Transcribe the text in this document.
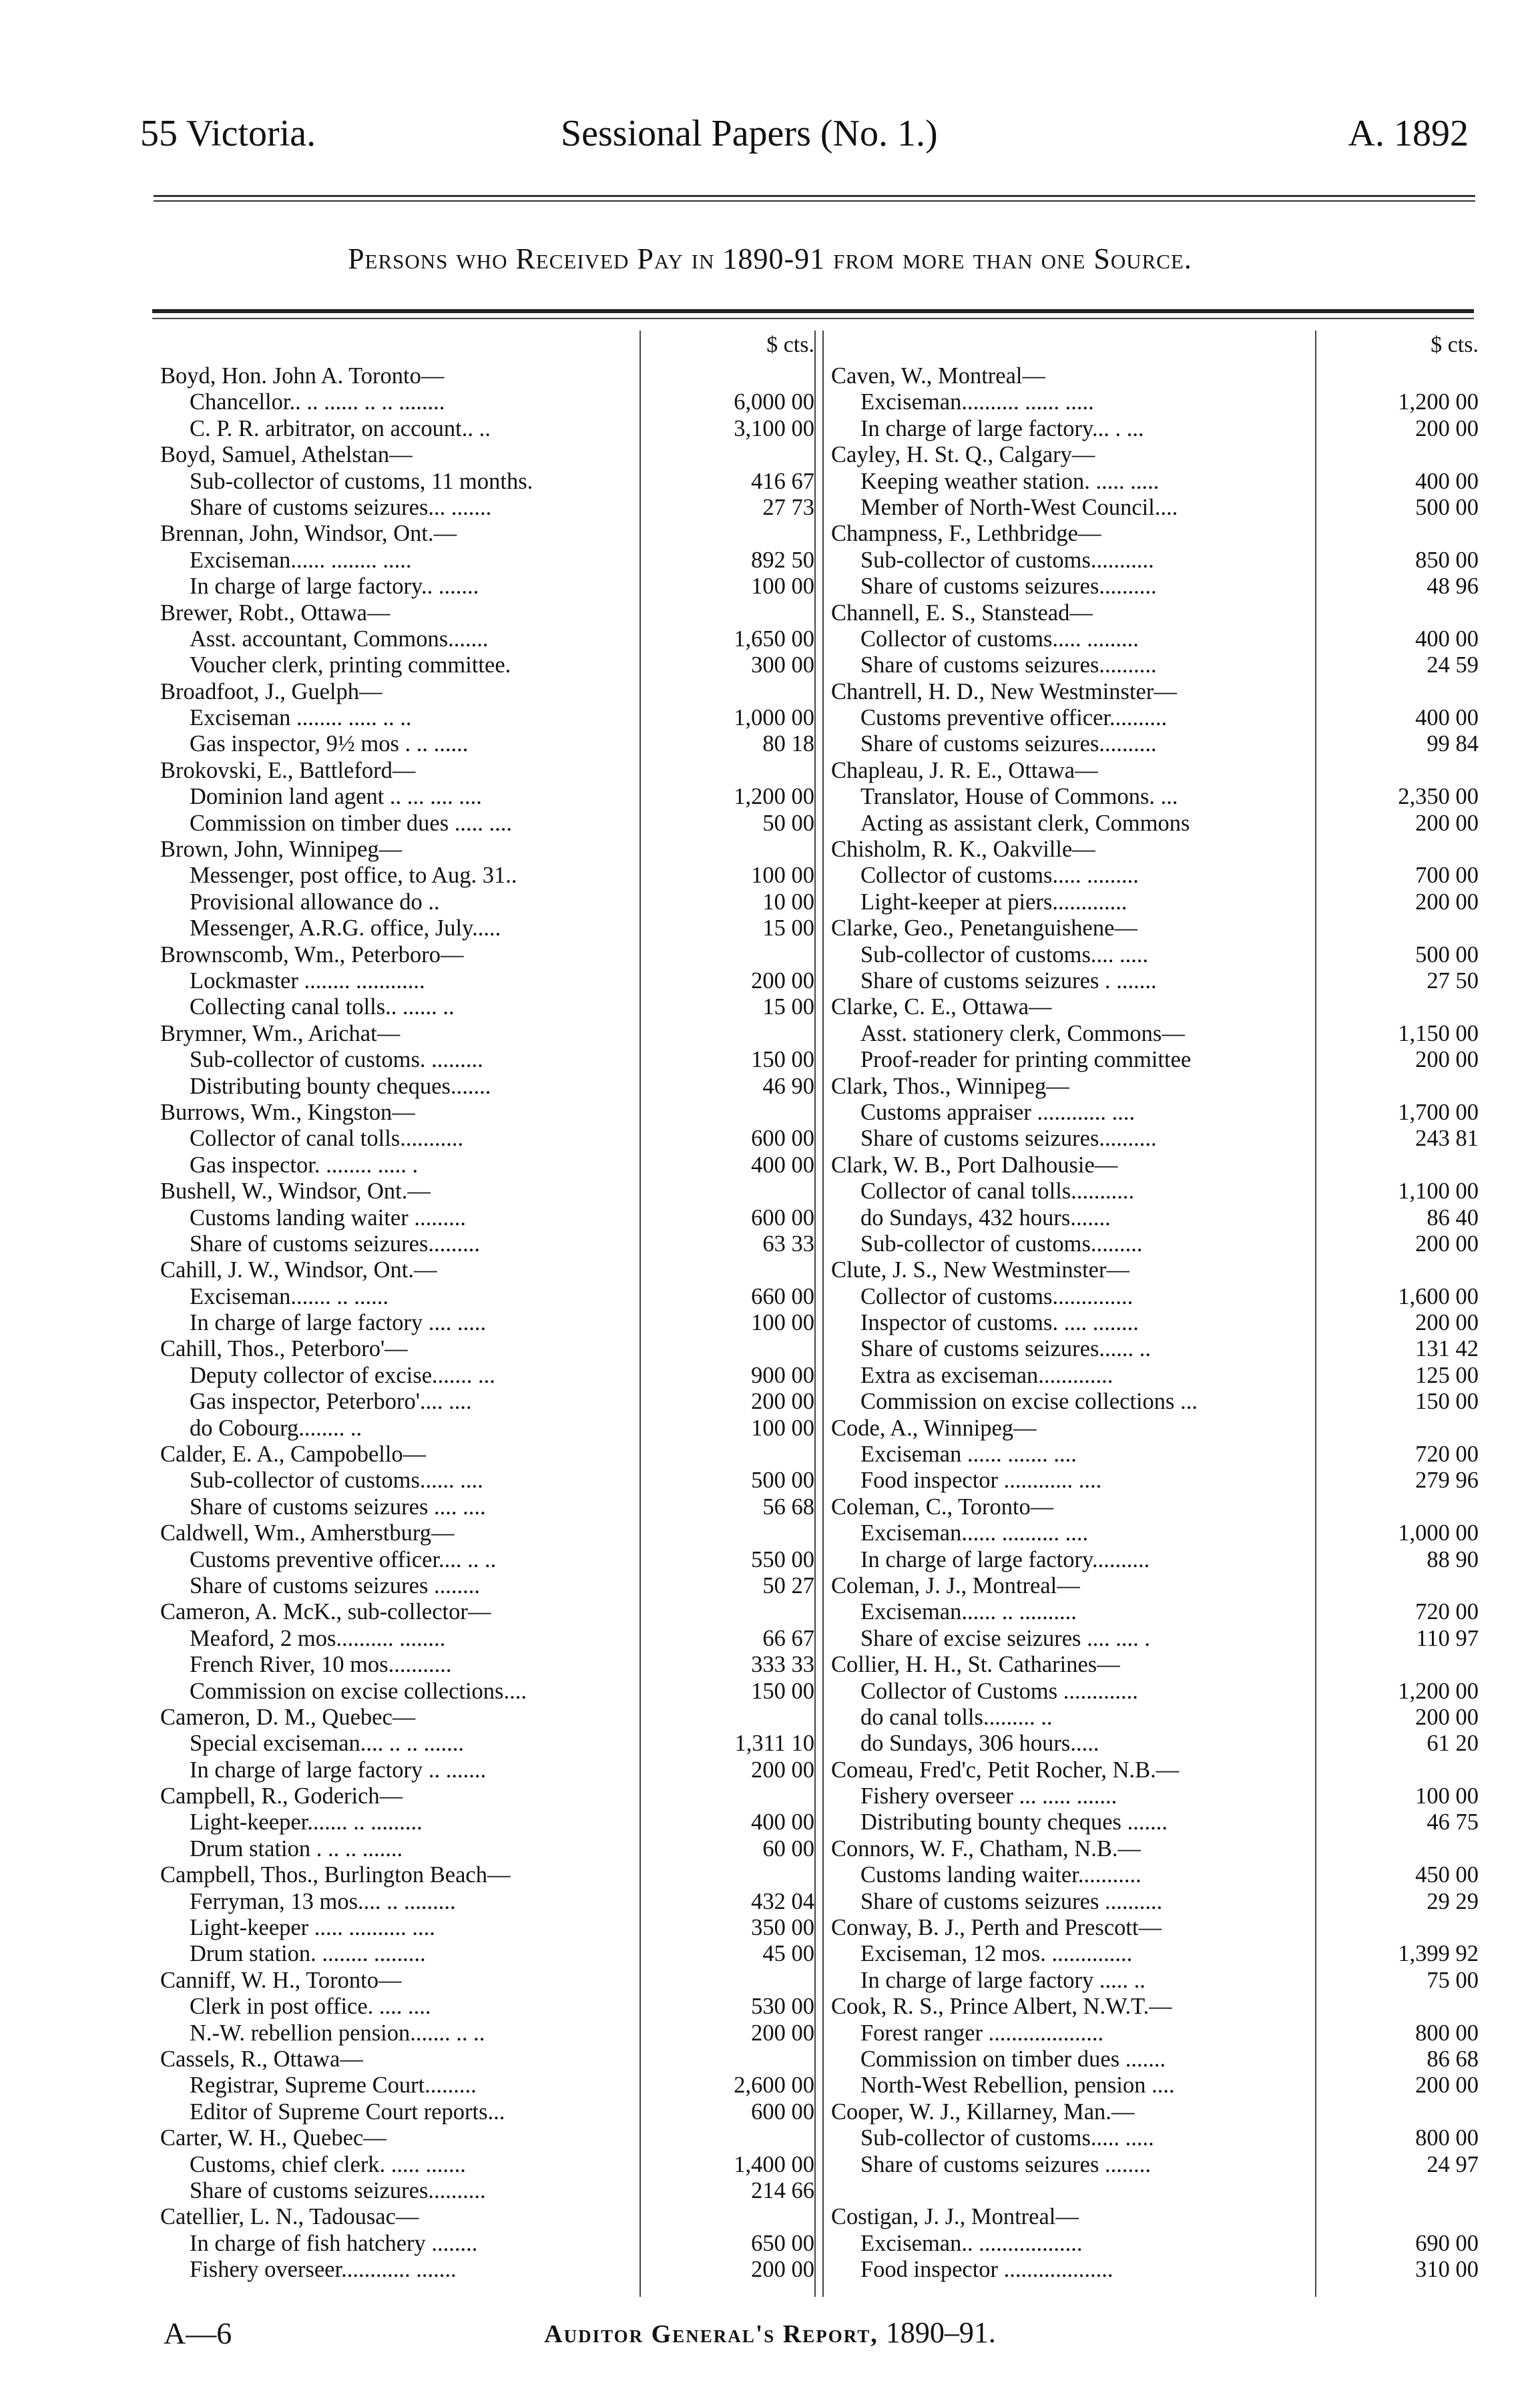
55 Victoria.	Sessional Papers (No. 1.)	A. 1892
Persons who Received Pay in 1890-91 from more than one Source.
$ cts.
Boyd, Hon. John A. Toronto—
Chancellor.. .. ...... .. .. ........	6,000 00
C. P. R. arbitrator, on account.. ..	3,100 00
Boyd, Samuel, Athelstan—
Sub-collector of customs, 11 months.	416 67
Share of customs seizures... .......	27 73
Brennan, John, Windsor, Ont.—
Exciseman...... ........ .....	892 50
In charge of large factory.. .......	100 00
Brewer, Robt., Ottawa—
Asst. accountant, Commons.......	1,650 00
Voucher clerk, printing committee.	300 00
Broadfoot, J., Guelph—
Exciseman ........ ..... .. ..	1,000 00
Gas inspector, 9½ mos . .. ......	80 18
Brokovski, E., Battleford—
Dominion land agent .. ... .... ....	1,200 00
Commission on timber dues ..... ....	50 00
Brown, John, Winnipeg—
Messenger, post office, to Aug. 31..	100 00
Provisional allowance do ..	10 00
Messenger, A.R.G. office, July.....	15 00
Brownscomb, Wm., Peterboro—
Lockmaster ........ ............	200 00
Collecting canal tolls.. ...... ..	15 00
Brymner, Wm., Arichat—
Sub-collector of customs. .........	150 00
Distributing bounty cheques.......	46 90
Burrows, Wm., Kingston—
Collector of canal tolls...........	600 00
Gas inspector. ........ ..... .	400 00
Bushell, W., Windsor, Ont.—
Customs landing waiter .........	600 00
Share of customs seizures.........	63 33
Cahill, J. W., Windsor, Ont.—
Exciseman....... .. ......	660 00
In charge of large factory .... .....	100 00
Cahill, Thos., Peterboro'—
Deputy collector of excise....... ...	900 00
Gas inspector, Peterboro'.... ....	200 00
do Cobourg........ ..	100 00
Calder, E. A., Campobello—
Sub-collector of customs...... ....	500 00
Share of customs seizures .... ....	56 68
Caldwell, Wm., Amherstburg—
Customs preventive officer.... .. ..	550 00
Share of customs seizures ........	50 27
Cameron, A. McK., sub-collector—
Meaford, 2 mos.......... ........	66 67
French River, 10 mos...........	333 33
Commission on excise collections....	150 00
Cameron, D. M., Quebec—
Special exciseman.... .. .. .......	1,311 10
In charge of large factory .. .......	200 00
Campbell, R., Goderich—
Light-keeper....... .. .........	400 00
Drum station . .. .. .......	60 00
Campbell, Thos., Burlington Beach—
Ferryman, 13 mos.... .. .........	432 04
Light-keeper ..... .......... ....	350 00
Drum station. ........ .........	45 00
Canniff, W. H., Toronto—
Clerk in post office. .... ....	530 00
N.-W. rebellion pension....... .. ..	200 00
Cassels, R., Ottawa—
Registrar, Supreme Court.........	2,600 00
Editor of Supreme Court reports...	600 00
Carter, W. H., Quebec—
Customs, chief clerk. ..... .......	1,400 00
Share of customs seizures..........	214 66
Catellier, L. N., Tadousac—
In charge of fish hatchery ........	650 00
Fishery overseer............ .......	200 00
$ cts.
Caven, W., Montreal—
Exciseman.......... ...... .....	1,200 00
In charge of large factory... . ...	200 00
Cayley, H. St. Q., Calgary—
Keeping weather station. ..... .....	400 00
Member of North-West Council....	500 00
Champness, F., Lethbridge—
Sub-collector of customs...........	850 00
Share of customs seizures..........	48 96
Channell, E. S., Stanstead—
Collector of customs..... .........	400 00
Share of customs seizures..........	24 59
Chantrell, H. D., New Westminster—
Customs preventive officer..........	400 00
Share of customs seizures..........	99 84
Chapleau, J. R. E., Ottawa—
Translator, House of Commons. ...	2,350 00
Acting as assistant clerk, Commons	200 00
Chisholm, R. K., Oakville—
Collector of customs..... .........	700 00
Light-keeper at piers.............	200 00
Clarke, Geo., Penetanguishene—
Sub-collector of customs.... .....	500 00
Share of customs seizures . .......	27 50
Clarke, C. E., Ottawa—
Asst. stationery clerk, Commons—	1,150 00
Proof-reader for printing committee	200 00
Clark, Thos., Winnipeg—
Customs appraiser ............ ....	1,700 00
Share of customs seizures..........	243 81
Clark, W. B., Port Dalhousie—
Collector of canal tolls...........	1,100 00
do Sundays, 432 hours.......	86 40
Sub-collector of customs.........	200 00
Clute, J. S., New Westminster—
Collector of customs..............	1,600 00
Inspector of customs. .... ........	200 00
Share of customs seizures...... ..	131 42
Extra as exciseman.............	125 00
Commission on excise collections ...	150 00
Code, A., Winnipeg—
Exciseman ...... ....... ....	720 00
Food inspector ............ ....	279 96
Coleman, C., Toronto—
Exciseman...... .......... ....	1,000 00
In charge of large factory..........	88 90
Coleman, J. J., Montreal—
Exciseman...... .. ..........	720 00
Share of excise seizures .... .... .	110 97
Collier, H. H., St. Catharines—
Collector of Customs .............	1,200 00
do canal tolls......... ..	200 00
do Sundays, 306 hours.....	61 20
Comeau, Fred'c, Petit Rocher, N.B.—
Fishery overseer ... ..... .......	100 00
Distributing bounty cheques .......	46 75
Connors, W. F., Chatham, N.B.—
Customs landing waiter...........	450 00
Share of customs seizures ..........	29 29
Conway, B. J., Perth and Prescott—
Exciseman, 12 mos. ..............	1,399 92
In charge of large factory ..... ..	75 00
Cook, R. S., Prince Albert, N.W.T.—
Forest ranger ....................	800 00
Commission on timber dues .......	86 68
North-West Rebellion, pension ....	200 00
Cooper, W. J., Killarney, Man.—
Sub-collector of customs..... .....	800 00
Share of customs seizures ........	24 97
Costigan, J. J., Montreal—
Exciseman.. ..................	690 00
Food inspector ...................	310 00
A—6	Auditor General's Report, 1890–91.
